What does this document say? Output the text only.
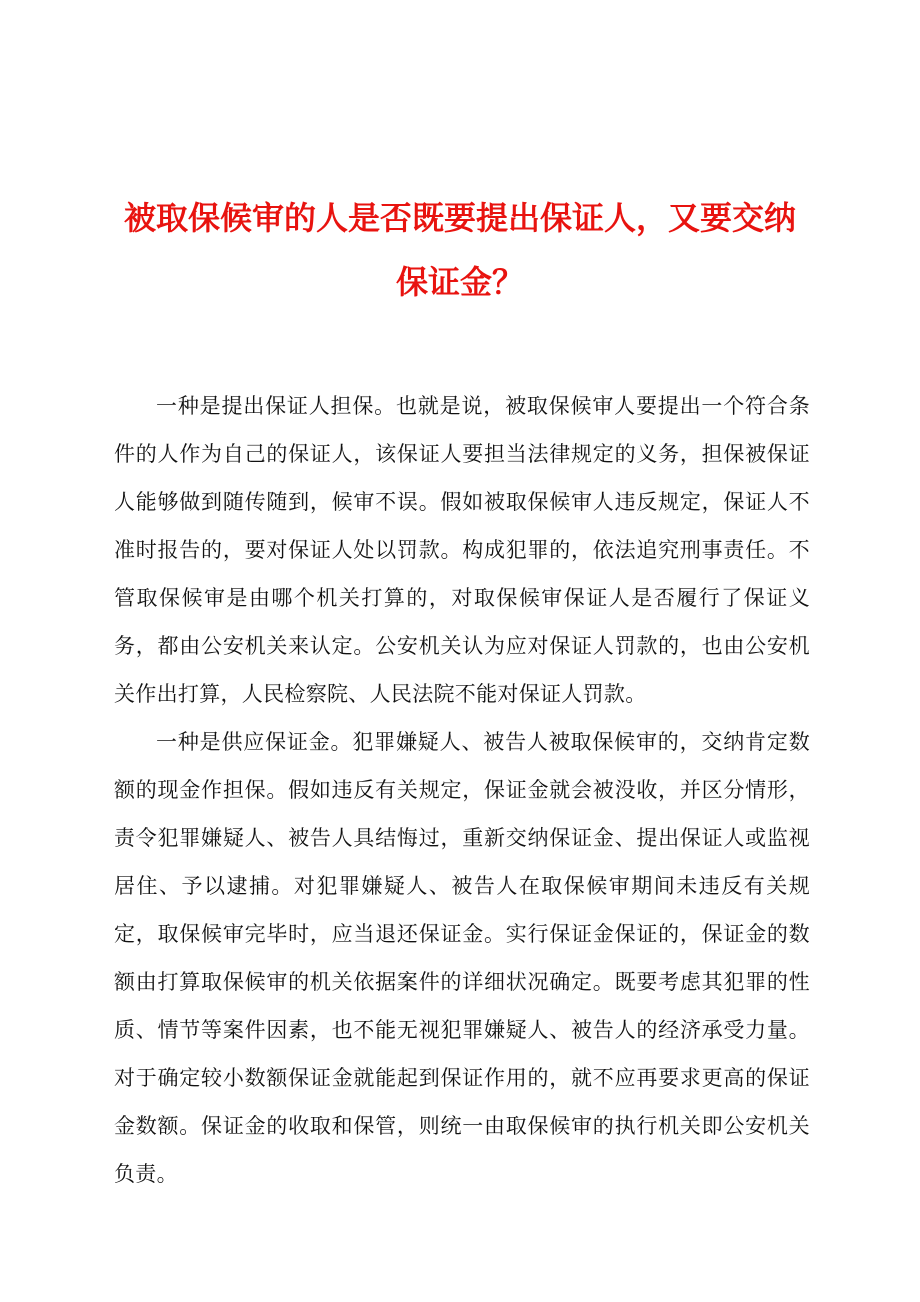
被取保候审的人是否既要提出保证人，又要交纳保证金？

一种是提出保证人担保。也就是说，被取保候审人要提出一个符合条件的人作为自己的保证人，该保证人要担当法律规定的义务，担保被保证人能够做到随传随到，候审不误。假如被取保候审人违反规定，保证人不准时报告的，要对保证人处以罚款。构成犯罪的，依法追究刑事责任。不管取保候审是由哪个机关打算的，对取保候审保证人是否履行了保证义务，都由公安机关来认定。公安机关认为应对保证人罚款的，也由公安机关作出打算，人民检察院、人民法院不能对保证人罚款。

一种是供应保证金。犯罪嫌疑人、被告人被取保候审的，交纳肯定数额的现金作担保。假如违反有关规定，保证金就会被没收，并区分情形，责令犯罪嫌疑人、被告人具结悔过，重新交纳保证金、提出保证人或监视居住、予以逮捕。对犯罪嫌疑人、被告人在取保候审期间未违反有关规定，取保候审完毕时，应当退还保证金。实行保证金保证的，保证金的数额由打算取保候审的机关依据案件的详细状况确定。既要考虑其犯罪的性质、情节等案件因素，也不能无视犯罪嫌疑人、被告人的经济承受力量。对于确定较小数额保证金就能起到保证作用的，就不应再要求更高的保证金数额。保证金的收取和保管，则统一由取保候审的执行机关即公安机关负责。
